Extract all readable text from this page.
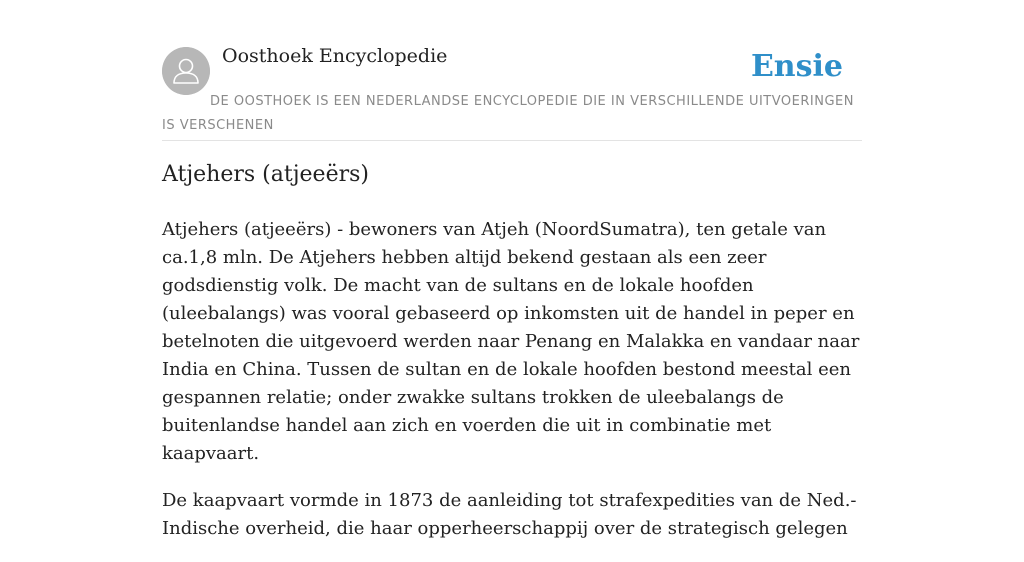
Oosthoek Encyclopedie	Ensie
DE OOSTHOEK IS EEN NEDERLANDSE ENCYCLOPEDIE DIE IN VERSCHILLENDE UITVOERINGEN IS VERSCHENEN
Atjehers (atjeeërs)

Atjehers (atjeeërs) - bewoners van Atjeh (NoordSumatra), ten getale van ca.1,8 mln. De Atjehers hebben altijd bekend gestaan als een zeer godsdienstig volk. De macht van de sultans en de lokale hoofden (uleebalangs) was vooral gebaseerd op inkomsten uit de handel in peper en betelnoten die uitgevoerd werden naar Penang en Malakka en vandaar naar India en China. Tussen de sultan en de lokale hoofden bestond meestal een gespannen relatie; onder zwakke sultans trokken de uleebalangs de buitenlandse handel aan zich en voerden die uit in combinatie met kaapvaart.

De kaapvaart vormde in 1873 de aanleiding tot strafexpedities van de Ned.-Indische overheid, die haar opperheerschappij over de strategisch gelegen
